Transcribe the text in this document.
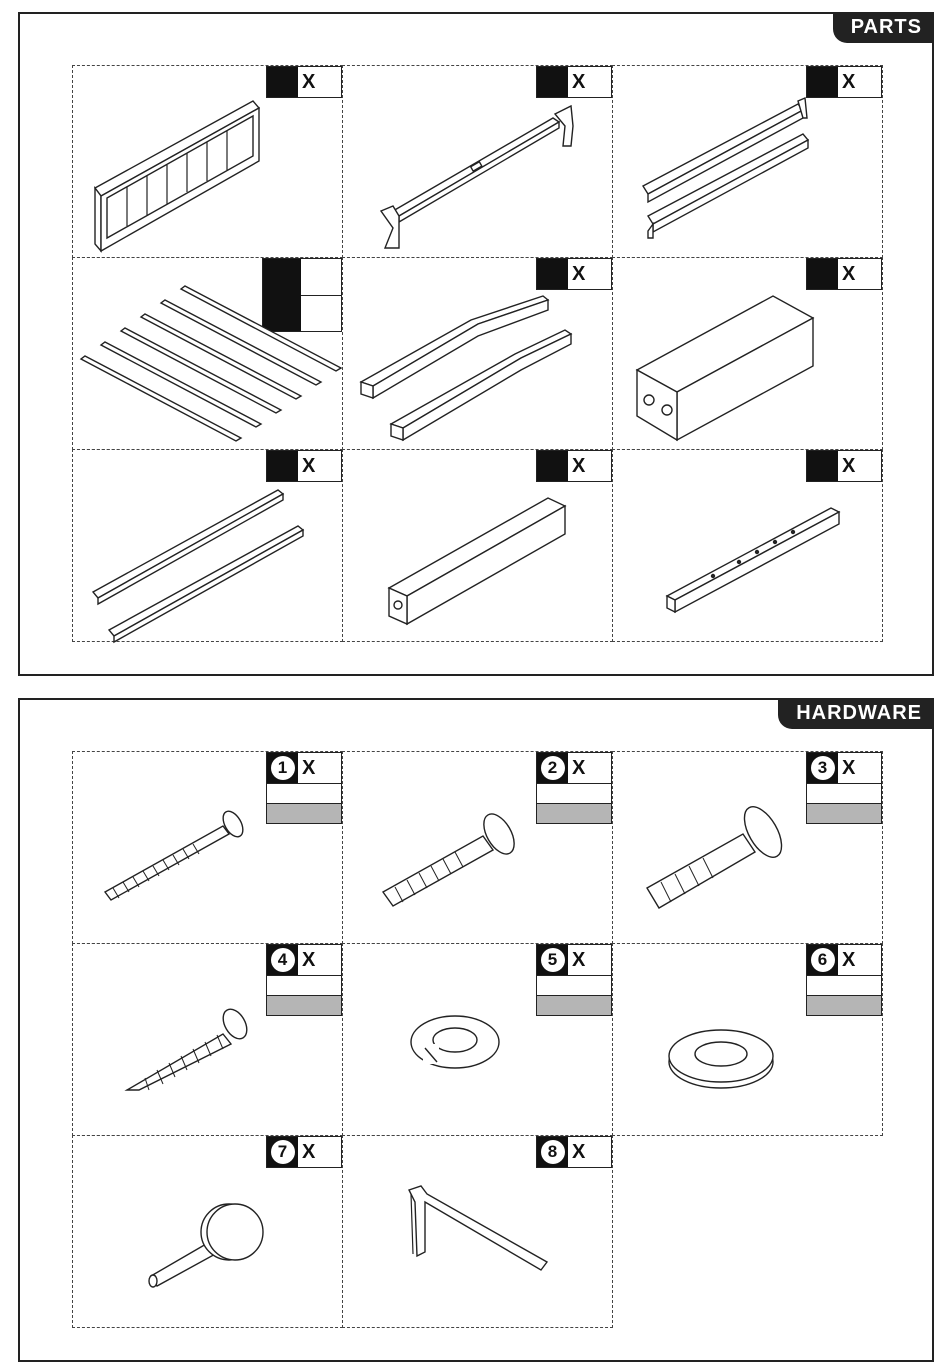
PARTS
X	X	X
X	X
X	X	X
HARDWARE
1 X	2 X	3 X
4 X	5 X	6 X
7 X	8 X
